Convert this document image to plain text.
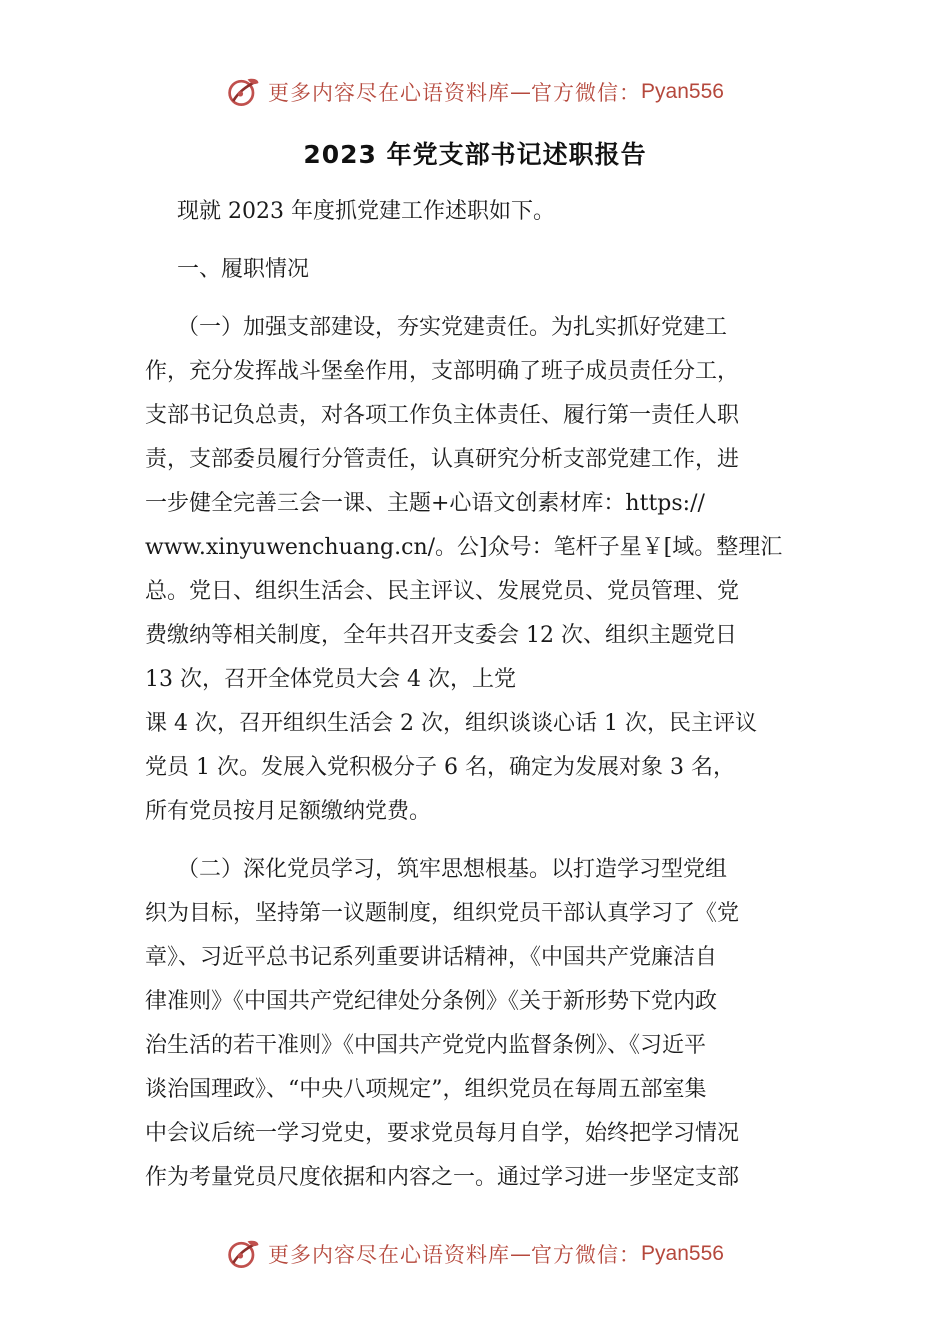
更多内容尽在心语资料库 — 官方微信： Pyan556
2023 年党支部书记述职报告

现就 2023 年度抓党建工作述职如下。

一、履职情况

（一）加强支部建设，夯实党建责任。为扎实抓好党建工
作，充分发挥战斗堡垒作用，支部明确了班子成员责任分工，
支部书记负总责，对各项工作负主体责任、履行第一责任人职
责，支部委员履行分管责任，认真研究分析支部党建工作，进
一步健全完善三会一课、主题+心语文创素材库：https://
www.xinyuwenchuang.cn/。公]众号：笔杆子星￥[域。整理汇
总。党日、组织生活会、民主评议、发展党员、党员管理、党
费缴纳等相关制度，全年共召开支委会 12 次、组织主题党日
13 次，召开全体党员大会 4 次，上党
课 4 次，召开组织生活会 2 次，组织谈谈心话 1 次，民主评议
党员 1 次。发展入党积极分子 6 名，确定为发展对象 3 名，
所有党员按月足额缴纳党费。

（二）深化党员学习，筑牢思想根基。以打造学习型党组
织为目标，坚持第一议题制度，组织党员干部认真学习了《党
章》、习近平总书记系列重要讲话精神，《中国共产党廉洁自
律准则》《中国共产党纪律处分条例》《关于新形势下党内政
治生活的若干准则》《中国共产党党内监督条例》、《习近平
谈治国理政》、“中央八项规定”，组织党员在每周五部室集
中会议后统一学习党史，要求党员每月自学，始终把学习情况
作为考量党员尺度依据和内容之一。通过学习进一步坚定支部

更多内容尽在心语资料库 — 官方微信： Pyan556
